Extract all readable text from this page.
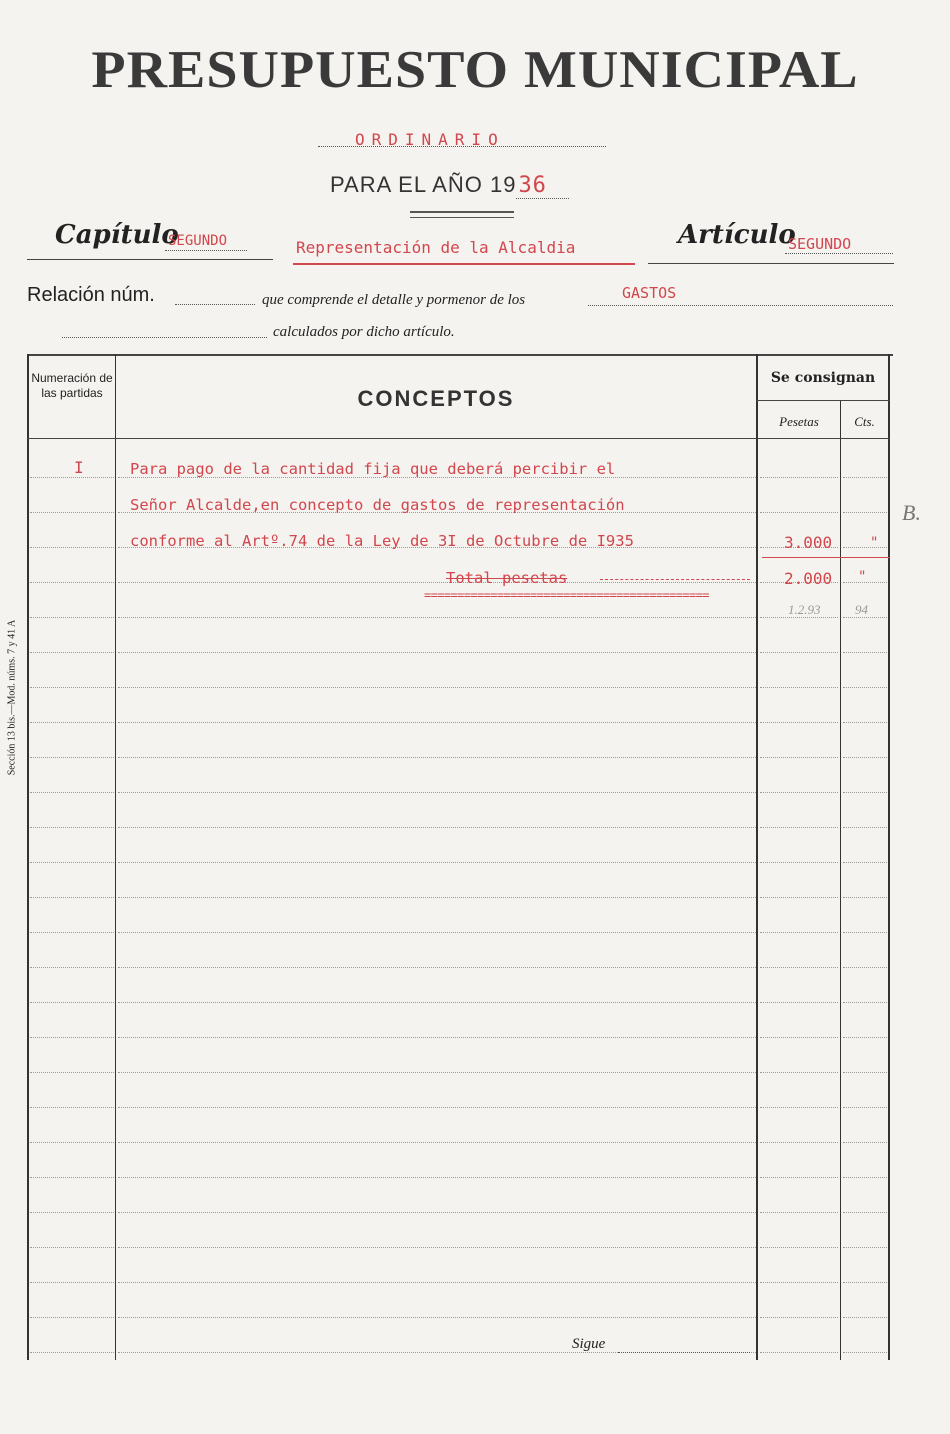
PRESUPUESTO MUNICIPAL
ORDINARIO
PARA EL AÑO 1936
Capítulo
SEGUNDO	Representación de la Alcaldia	Artículo
SEGUNDO
Relación núm.	que comprende el detalle y pormenor de los	GASTOS
calculados por dicho artículo.
Numeración de las partidas	CONCEPTOS
Se consignan
Pesetas	Cts.
I	Para pago de la cantidad fija que deberá percibir el
Señor Alcalde,en concepto de gastos de representación
conforme al Artº.74 de la Ley de 3I de Octubre de I935	3.000	"
Total pesetas	2.000 "
===========================================
1.2.93	94
Sección 13 bis.—Mod. núms. 7 y 41 A
B.
Sigue
